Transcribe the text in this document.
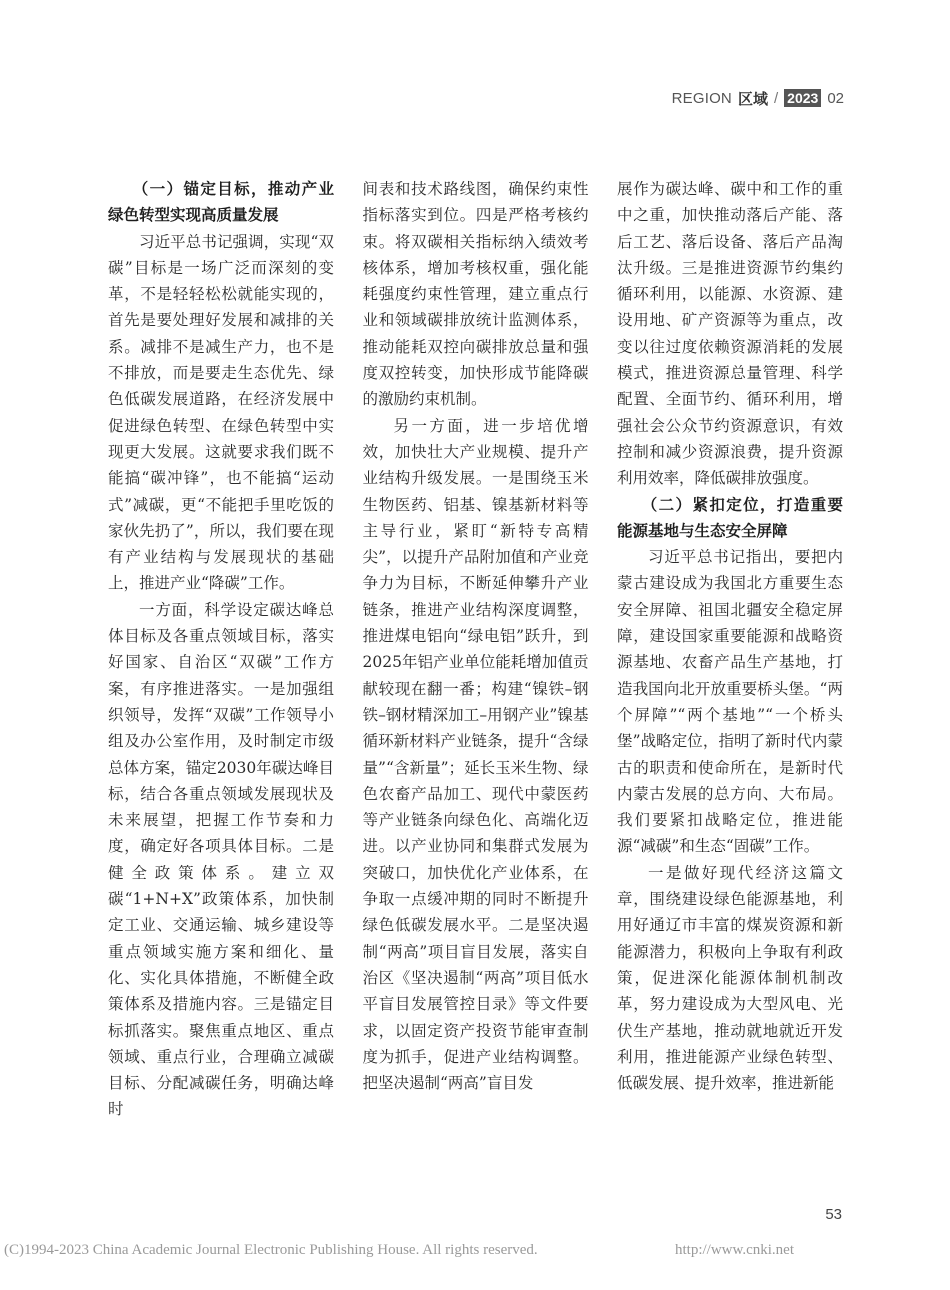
REGION 区域 / 2023 02
（一）锚定目标，推动产业绿色转型实现高质量发展

习近平总书记强调，实现“双碳”目标是一场广泛而深刻的变革，不是轻轻松松就能实现的，首先是要处理好发展和减排的关系。减排不是减生产力，也不是不排放，而是要走生态优先、绿色低碳发展道路，在经济发展中促进绿色转型、在绿色转型中实现更大发展。这就要求我们既不能搞“碳冲锋”，也不能搞“运动式”减碳，更“不能把手里吃饭的家伙先扔了”，所以，我们要在现有产业结构与发展现状的基础上，推进产业“降碳”工作。

一方面，科学设定碳达峰总体目标及各重点领域目标，落实好国家、自治区“双碳”工作方案，有序推进落实。一是加强组织领导，发挥“双碳”工作领导小组及办公室作用，及时制定市级总体方案，锚定2030年碳达峰目标，结合各重点领域发展现状及未来展望，把握工作节奏和力度，确定好各项具体目标。二是健全政策体系。建立双碳“1+N+X”政策体系，加快制定工业、交通运输、城乡建设等重点领域实施方案和细化、量化、实化具体措施，不断健全政策体系及措施内容。三是锚定目标抓落实。聚焦重点地区、重点领域、重点行业，合理确立减碳目标、分配减碳任务，明确达峰时

间表和技术路线图，确保约束性指标落实到位。四是严格考核约束。将双碳相关指标纳入绩效考核体系，增加考核权重，强化能耗强度约束性管理，建立重点行业和领域碳排放统计监测体系，推动能耗双控向碳排放总量和强度双控转变，加快形成节能降碳的激励约束机制。

另一方面，进一步培优增效，加快壮大产业规模、提升产业结构升级发展。一是围绕玉米生物医药、铝基、镍基新材料等主导行业，紧盯“新特专高精尖”，以提升产品附加值和产业竞争力为目标，不断延伸攀升产业链条，推进产业结构深度调整，推进煤电铝向“绿电铝”跃升，到2025年铝产业单位能耗增加值贡献较现在翻一番；构建“镍铁–钢铁–钢材精深加工–用钢产业”镍基循环新材料产业链条，提升“含绿量”“含新量”；延长玉米生物、绿色农畜产品加工、现代中蒙医药等产业链条向绿色化、高端化迈进。以产业协同和集群式发展为突破口，加快优化产业体系，在争取一点缓冲期的同时不断提升绿色低碳发展水平。二是坚决遏制“两高”项目盲目发展，落实自治区《坚决遏制“两高”项目低水平盲目发展管控目录》等文件要求，以固定资产投资节能审查制度为抓手，促进产业结构调整。把坚决遏制“两高”盲目发

展作为碳达峰、碳中和工作的重中之重，加快推动落后产能、落后工艺、落后设备、落后产品淘汰升级。三是推进资源节约集约循环利用，以能源、水资源、建设用地、矿产资源等为重点，改变以往过度依赖资源消耗的发展模式，推进资源总量管理、科学配置、全面节约、循环利用，增强社会公众节约资源意识，有效控制和减少资源浪费，提升资源利用效率，降低碳排放强度。

（二）紧扣定位，打造重要能源基地与生态安全屏障

习近平总书记指出，要把内蒙古建设成为我国北方重要生态安全屏障、祖国北疆安全稳定屏障，建设国家重要能源和战略资源基地、农畜产品生产基地，打造我国向北开放重要桥头堡。“两个屏障”“两个基地”“一个桥头堡”战略定位，指明了新时代内蒙古的职责和使命所在，是新时代内蒙古发展的总方向、大布局。我们要紧扣战略定位，推进能源“减碳”和生态“固碳”工作。

一是做好现代经济这篇文章，围绕建设绿色能源基地，利用好通辽市丰富的煤炭资源和新能源潜力，积极向上争取有利政策，促进深化能源体制机制改革，努力建设成为大型风电、光伏生产基地，推动就地就近开发利用，推进能源产业绿色转型、低碳发展、提升效率，推进新能

53
(C)1994-2023 China Academic Journal Electronic Publishing House. All rights reserved.	http://www.cnki.net
